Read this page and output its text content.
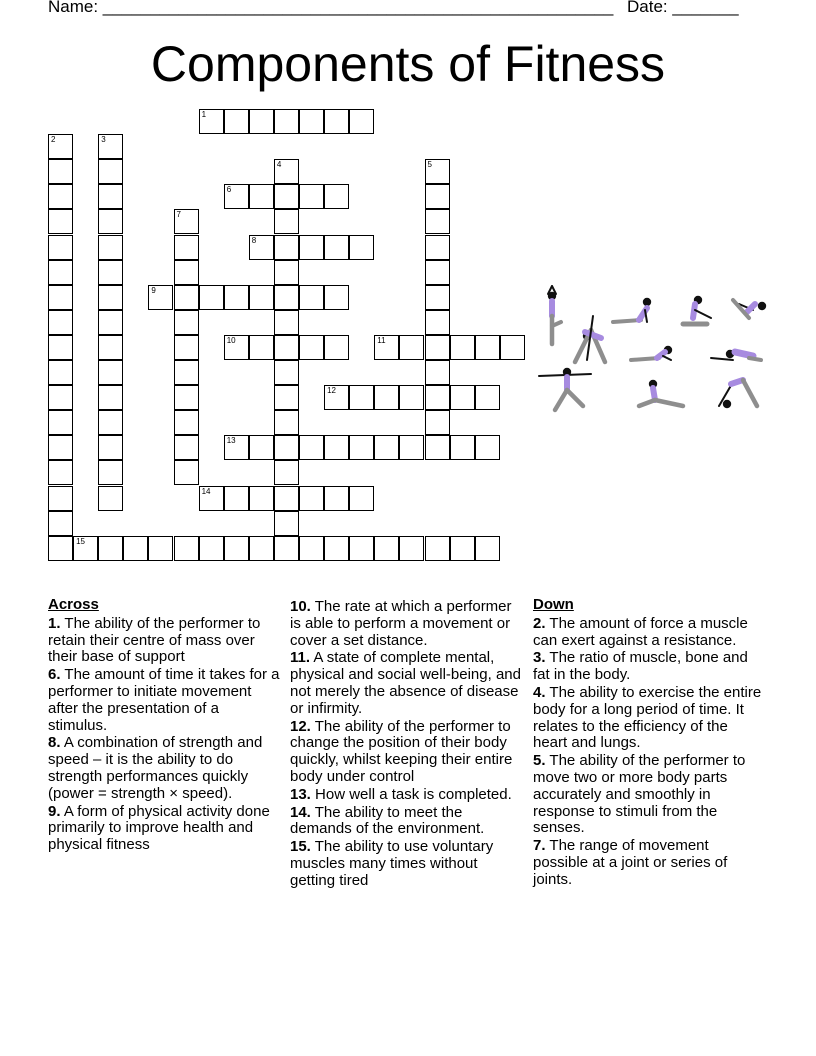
Name: ______________________________________________________

Date: _______

Components of Fitness
1
2	3
4	5
6
7
8
9
10	11
12
13
14
15
Across
1. The ability of the performer to retain their centre of mass over their base of support
6. The amount of time it takes for a performer to initiate movement after the presentation of a stimulus.
8. A combination of strength and speed – it is the ability to do strength performances quickly (power = strength × speed).
9. A form of physical activity done primarily to improve health and physical fitness
10. The rate at which a performer is able to perform a movement or cover a set distance.
11. A state of complete mental, physical and social well-being, and not merely the absence of disease or infirmity.
12. The ability of the performer to change the position of their body quickly, whilst keeping their entire body under control
13. How well a task is completed.
14. The ability to meet the demands of the environment.
15. The ability to use voluntary muscles many times without getting tired
Down
2. The amount of force a muscle can exert against a resistance.
3. The ratio of muscle, bone and fat in the body.
4. The ability to exercise the entire body for a long period of time. It relates to the efficiency of the heart and lungs.
5. The ability of the performer to move two or more body parts accurately and smoothly in response to stimuli from the senses.
7. The range of movement possible at a joint or series of joints.
